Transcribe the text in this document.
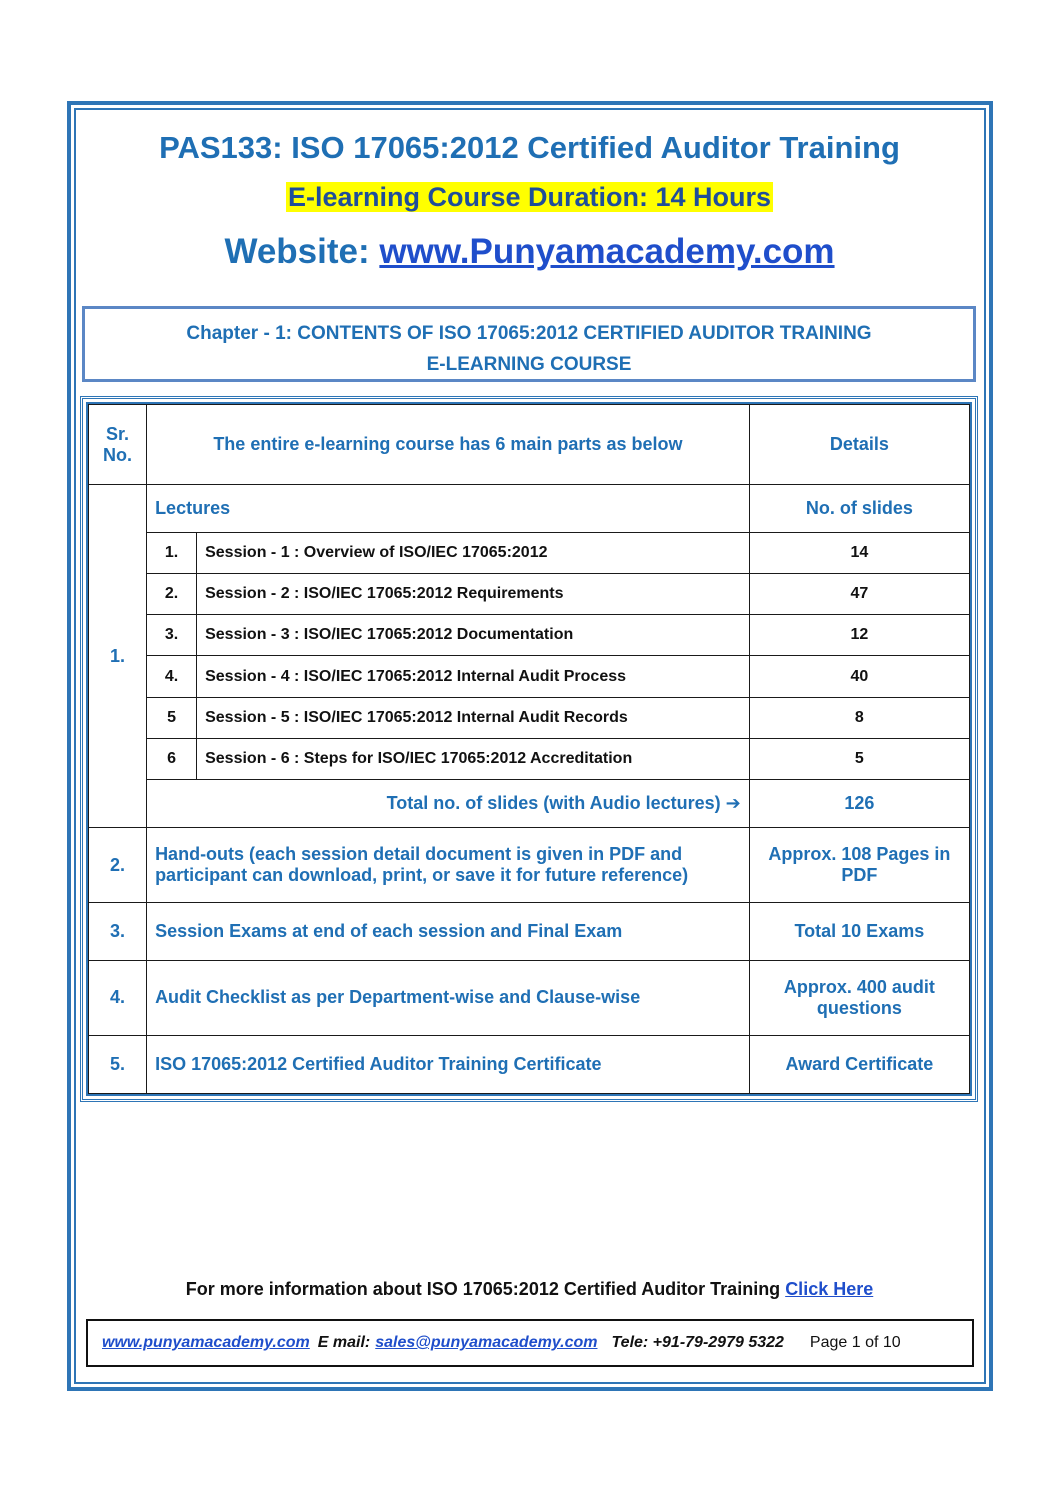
PAS133: ISO 17065:2012 Certified Auditor Training
E-learning Course Duration: 14 Hours
Website: www.Punyamacademy.com
Chapter - 1: CONTENTS OF ISO 17065:2012 CERTIFIED AUDITOR TRAINING
E-LEARNING COURSE
Sr. No.	The entire e-learning course has 6 main parts as below		Details
1.	Lectures		No. of slides
	1.	Session - 1 : Overview of ISO/IEC 17065:2012	14
	2.	Session - 2 : ISO/IEC 17065:2012 Requirements	47
	3.	Session - 3 : ISO/IEC 17065:2012 Documentation	12
	4.	Session - 4 : ISO/IEC 17065:2012 Internal Audit Process	40
	5	Session - 5 : ISO/IEC 17065:2012 Internal Audit Records	8
	6	Session - 6 : Steps for ISO/IEC 17065:2012 Accreditation	5
	Total no. of slides (with Audio lectures) ➔		126
2.	Hand-outs (each session detail document is given in PDF and participant can download, print, or save it for future reference)		Approx. 108 Pages in PDF
3.	Session Exams at end of each session and Final Exam		Total 10 Exams
4.	Audit Checklist as per Department-wise and Clause-wise		Approx. 400 audit questions
5.	ISO 17065:2012 Certified Auditor Training Certificate		Award Certificate
For more information about ISO 17065:2012 Certified Auditor Training Click Here
www.punyamacademy.com E mail: sales@punyamacademy.com Tele: +91-79-2979 5322 Page 1 of 10
